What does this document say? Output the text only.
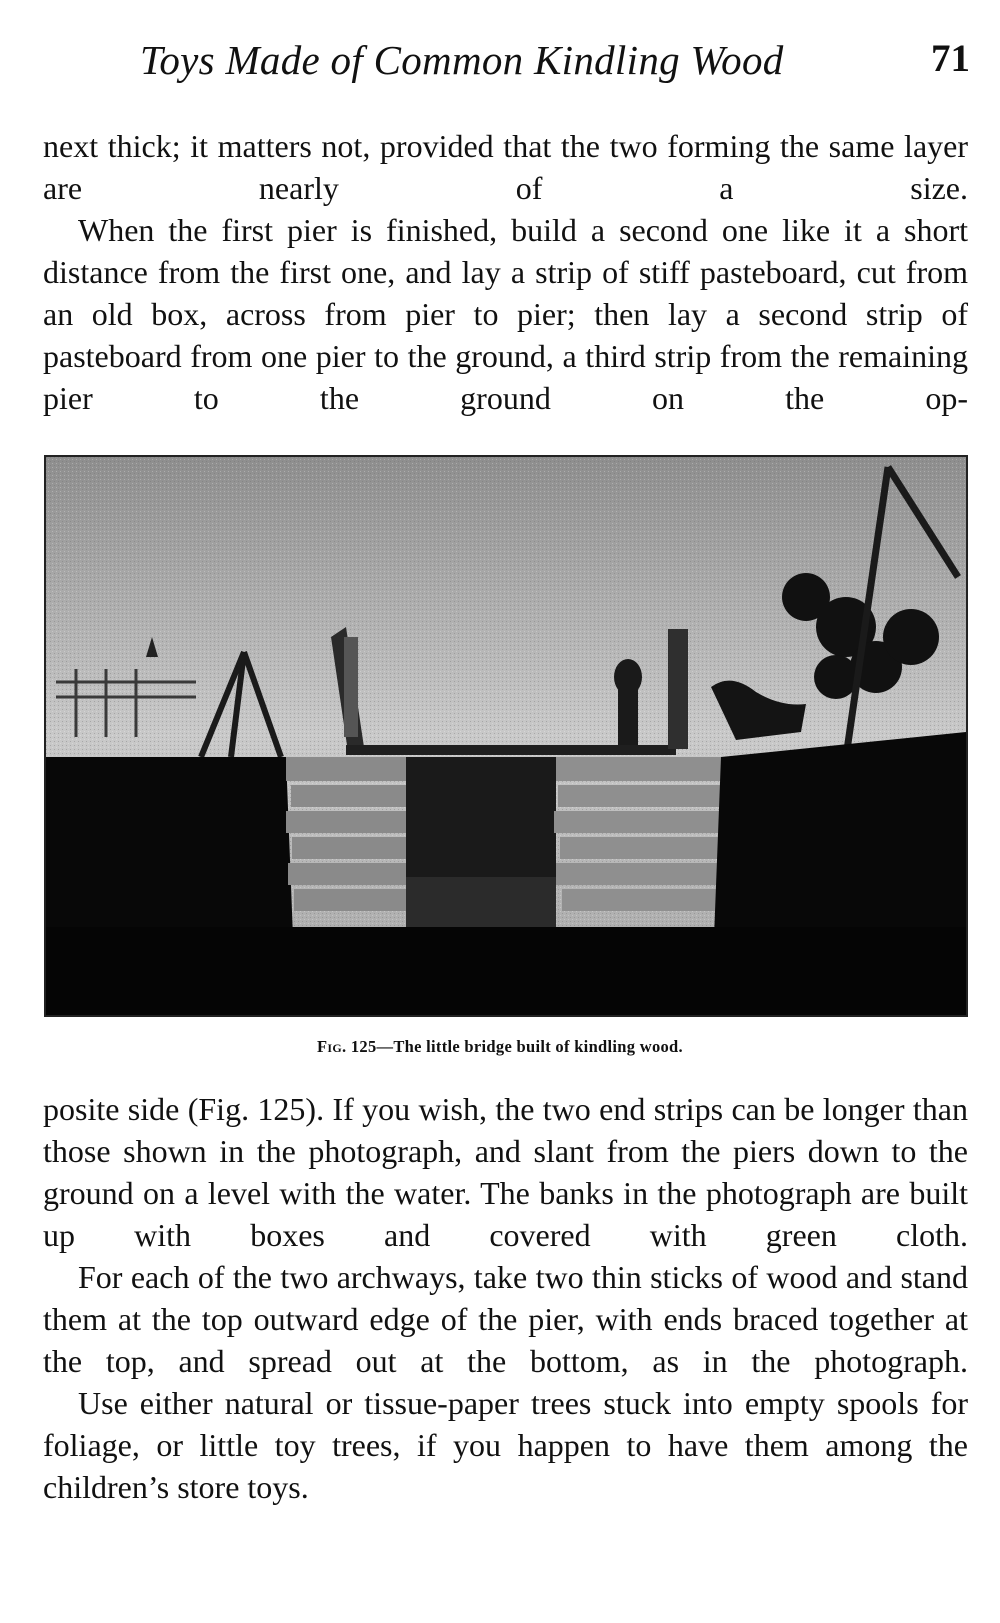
Toys Made of Common Kindling Wood	71

next thick; it matters not, provided that the two forming the same layer are nearly of a size.

When the first pier is finished, build a second one like it a short distance from the first one, and lay a strip of stiff pasteboard, cut from an old box, across from pier to pier; then lay a second strip of pasteboard from one pier to the ground, a third strip from the remaining pier to the ground on the op-

Fig. 125—The little bridge built of kindling wood.

posite side (Fig. 125). If you wish, the two end strips can be longer than those shown in the photograph, and slant from the piers down to the ground on a level with the water. The banks in the photograph are built up with boxes and covered with green cloth.

For each of the two archways, take two thin sticks of wood and stand them at the top outward edge of the pier, with ends braced together at the top, and spread out at the bottom, as in the photograph.

Use either natural or tissue-paper trees stuck into empty spools for foliage, or little toy trees, if you happen to have them among the children’s store toys.
